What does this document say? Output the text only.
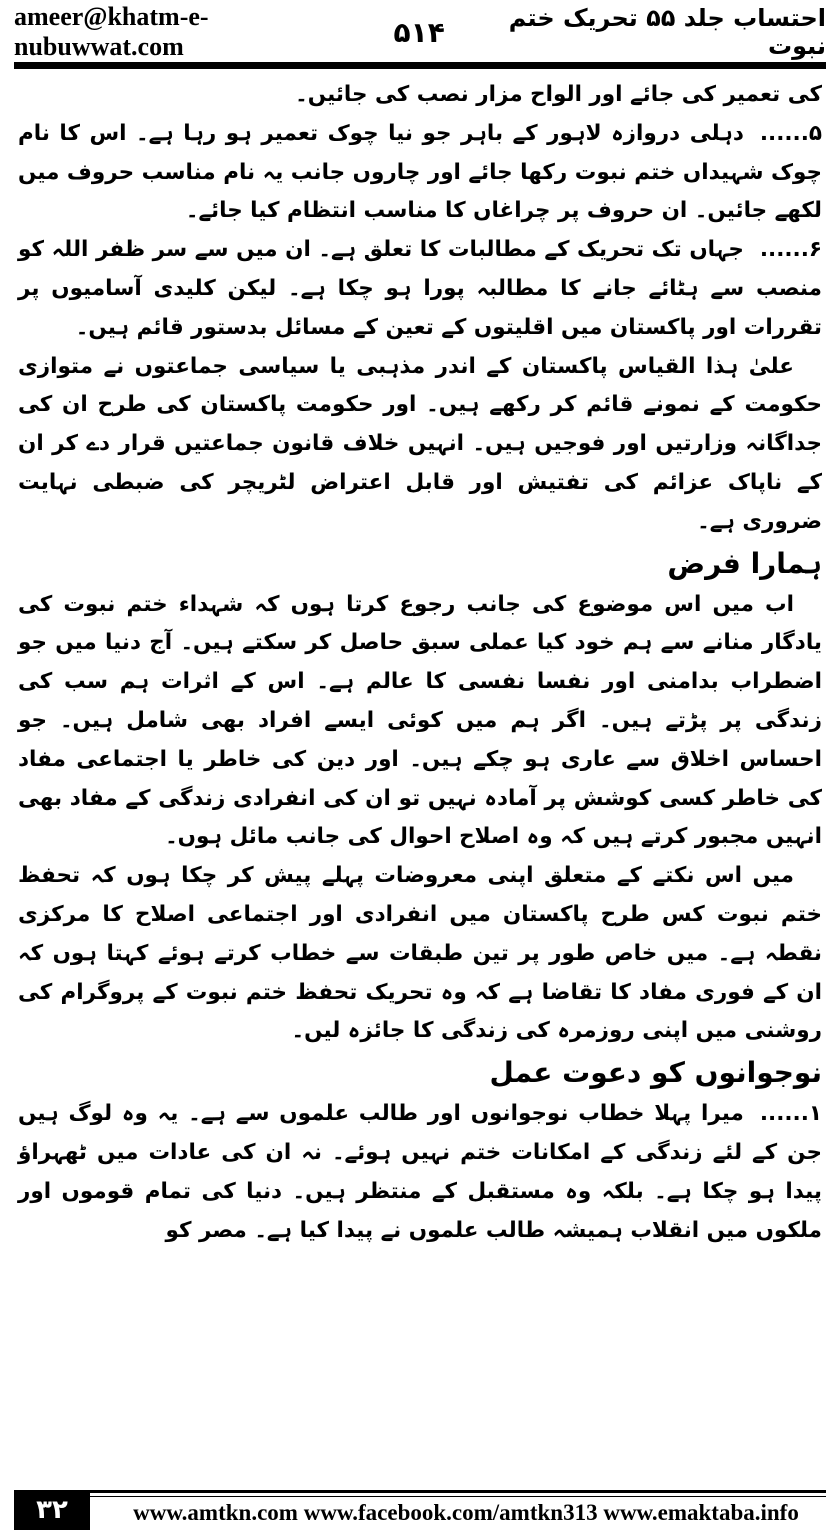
ameer@khatm-e-nubuwwat.com	۵۱۴	احتساب جلد ۵۵ تحریک ختم نبوت

کی تعمیر کی جائے اور الواح مزار نصب کی جائیں۔

۵......دہلی دروازہ لاہور کے باہر جو نیا چوک تعمیر ہو رہا ہے۔ اس کا نام چوک شہیداں ختم نبوت رکھا جائے اور چاروں جانب یہ نام مناسب حروف میں لکھے جائیں۔ ان حروف پر چراغاں کا مناسب انتظام کیا جائے۔

۶......جہاں تک تحریک کے مطالبات کا تعلق ہے۔ ان میں سے سر ظفر اللہ کو منصب سے ہٹائے جانے کا مطالبہ پورا ہو چکا ہے۔ لیکن کلیدی آسامیوں پر تقررات اور پاکستان میں اقلیتوں کے تعین کے مسائل بدستور قائم ہیں۔

علیٰ ہذا القیاس پاکستان کے اندر مذہبی یا سیاسی جماعتوں نے متوازی حکومت کے نمونے قائم کر رکھے ہیں۔ اور حکومت پاکستان کی طرح ان کی جداگانہ وزارتیں اور فوجیں ہیں۔ انہیں خلاف قانون جماعتیں قرار دے کر ان کے ناپاک عزائم کی تفتیش اور قابل اعتراض لٹریچر کی ضبطی نہایت ضروری ہے۔

ہمارا فرض

اب میں اس موضوع کی جانب رجوع کرتا ہوں کہ شہداء ختم نبوت کی یادگار منانے سے ہم خود کیا عملی سبق حاصل کر سکتے ہیں۔ آج دنیا میں جو اضطراب بدامنی اور نفسا نفسی کا عالم ہے۔ اس کے اثرات ہم سب کی زندگی پر پڑتے ہیں۔ اگر ہم میں کوئی ایسے افراد بھی شامل ہیں۔ جو احساس اخلاق سے عاری ہو چکے ہیں۔ اور دین کی خاطر یا اجتماعی مفاد کی خاطر کسی کوشش پر آمادہ نہیں تو ان کی انفرادی زندگی کے مفاد بھی انہیں مجبور کرتے ہیں کہ وہ اصلاح احوال کی جانب مائل ہوں۔

میں اس نکتے کے متعلق اپنی معروضات پہلے پیش کر چکا ہوں کہ تحفظ ختم نبوت کس طرح پاکستان میں انفرادی اور اجتماعی اصلاح کا مرکزی نقطہ ہے۔ میں خاص طور پر تین طبقات سے خطاب کرتے ہوئے کہتا ہوں کہ ان کے فوری مفاد کا تقاضا ہے کہ وہ تحریک تحفظ ختم نبوت کے پروگرام کی روشنی میں اپنی روزمرہ کی زندگی کا جائزہ لیں۔

نوجوانوں کو دعوت عمل

۱......میرا پہلا خطاب نوجوانوں اور طالب علموں سے ہے۔ یہ وہ لوگ ہیں جن کے لئے زندگی کے امکانات ختم نہیں ہوئے۔ نہ ان کی عادات میں ٹھہراؤ پیدا ہو چکا ہے۔ بلکہ وہ مستقبل کے منتظر ہیں۔ دنیا کی تمام قوموں اور ملکوں میں انقلاب ہمیشہ طالب علموں نے پیدا کیا ہے۔ مصر کو

۳۲	www.amtkn.com www.facebook.com/amtkn313 www.emaktaba.info
